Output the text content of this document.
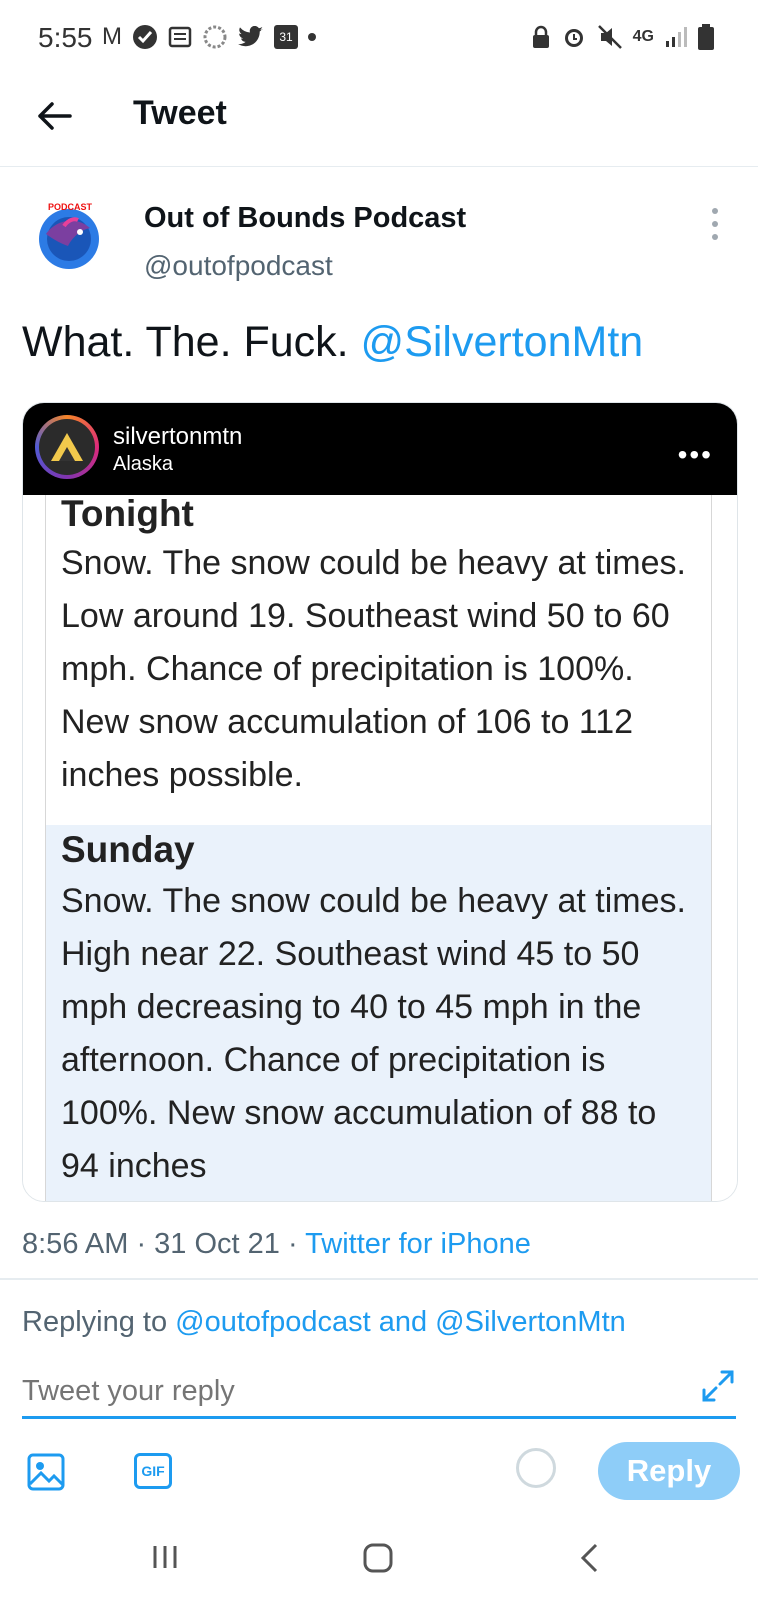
5:55 M	31	4G
Tweet
PODCAST Out of Bounds Podcast
@outofpodcast
What. The. Fuck. @SilvertonMtn
silvertonmtn
Alaska	•••
Tonight
Snow. The snow could be heavy at times. Low around 19. Southeast wind 50 to 60 mph. Chance of precipitation is 100%. New snow accumulation of 106 to 112 inches possible.
Sunday
Snow. The snow could be heavy at times. High near 22. Southeast wind 45 to 50 mph decreasing to 40 to 45 mph in the afternoon. Chance of precipitation is 100%. New snow accumulation of 88 to 94 inches
8:56 AM · 31 Oct 21 · Twitter for iPhone
Replying to @outofpodcast and @SilvertonMtn
Tweet your reply
GIF	Reply
